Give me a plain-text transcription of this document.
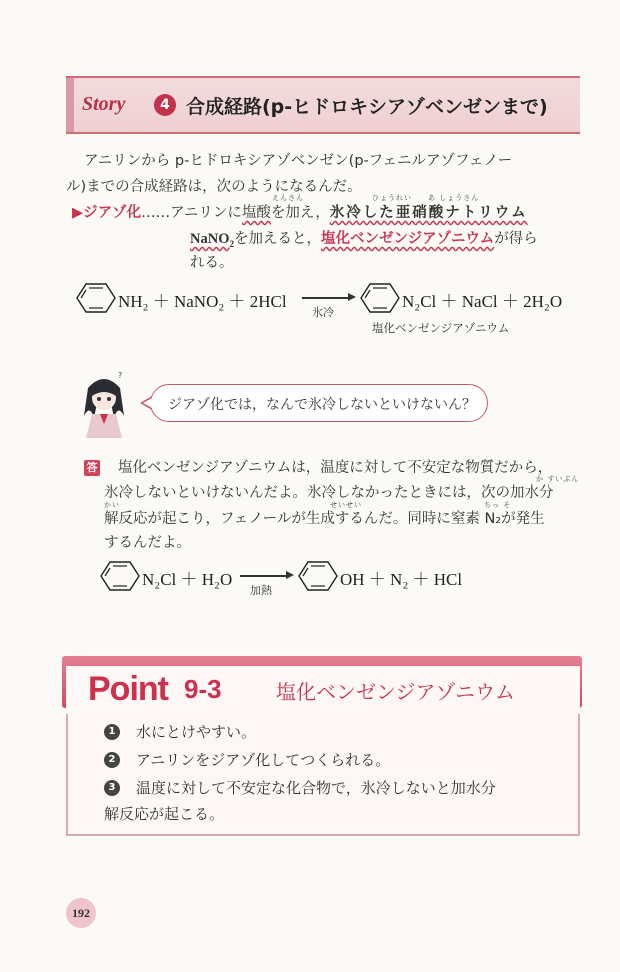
Story	4 合成経路(p-ヒドロキシアゾベンゼンまで)
アニリンから p-ヒドロキシアゾベンゼン(p-フェニルアゾフェノー
ル)までの合成経路は，次のようになるんだ。
えんさん	ひょうれい あ しょうさん
▶ジアゾ化……アニリンに塩酸を加え，氷冷した亜硝酸ナトリウム
NaNO$_2$を加えると，塩化ベンゼンジアゾニウムが得ら
れる。
NH₂ ＋ NaNO₂ ＋ 2HCl
氷冷
N₂Cl ＋ NaCl ＋ 2H₂O
塩化ベンゼンジアゾニウム
?
ジアゾ化では，なんで氷冷しないといけないん？
答 塩化ベンゼンジアゾニウムは，温度に対して不安定な物質だから，
か すいぶん
氷冷しないといけないんだよ。氷冷しなかったときには，次の加水分
かい	せいせい	ちっ そ
解反応が起こり，フェノールが生成するんだ。同時に窒素 N₂が発生
するんだよ。
N₂Cl ＋ H₂O
加熱
OH ＋ N₂ ＋ HCl
Point 9-3	塩化ベンゼンジアゾニウム
1	水にとけやすい。
2	アニリンをジアゾ化してつくられる。
3	温度に対して不安定な化合物で，氷冷しないと加水分
解反応が起こる。
192
